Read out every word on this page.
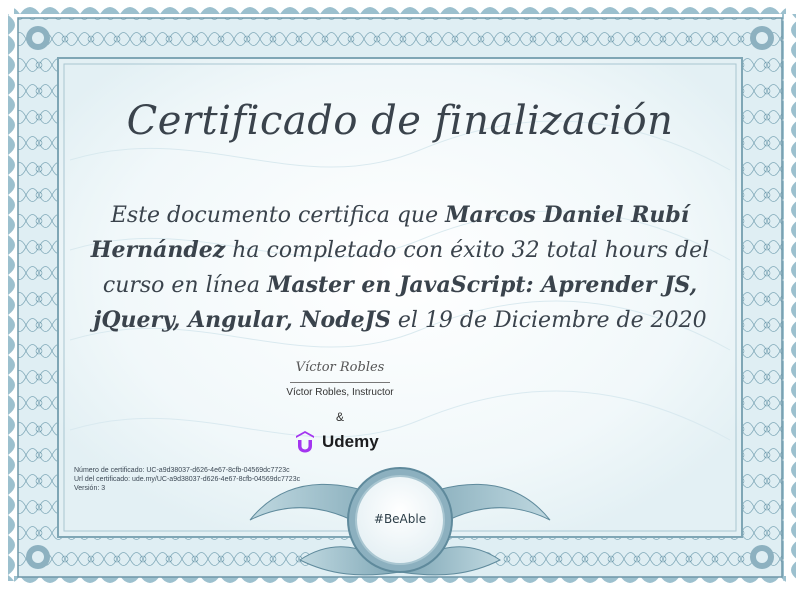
Certificado de finalización

Este documento certifica que Marcos Daniel Rubí Hernández ha completado con éxito 32 total hours del curso en línea Master en JavaScript: Aprender JS, jQuery, Angular, NodeJS el 19 de Diciembre de 2020

Víctor Robles
Víctor Robles, Instructor
&
Udemy
Número de certificado: UC-a9d38037-d626-4e67-8cfb-04569dc7723c
Url del certificado: ude.my/UC-a9d38037-d626-4e67-8cfb-04569dc7723c
Versión: 3
#BeAble
